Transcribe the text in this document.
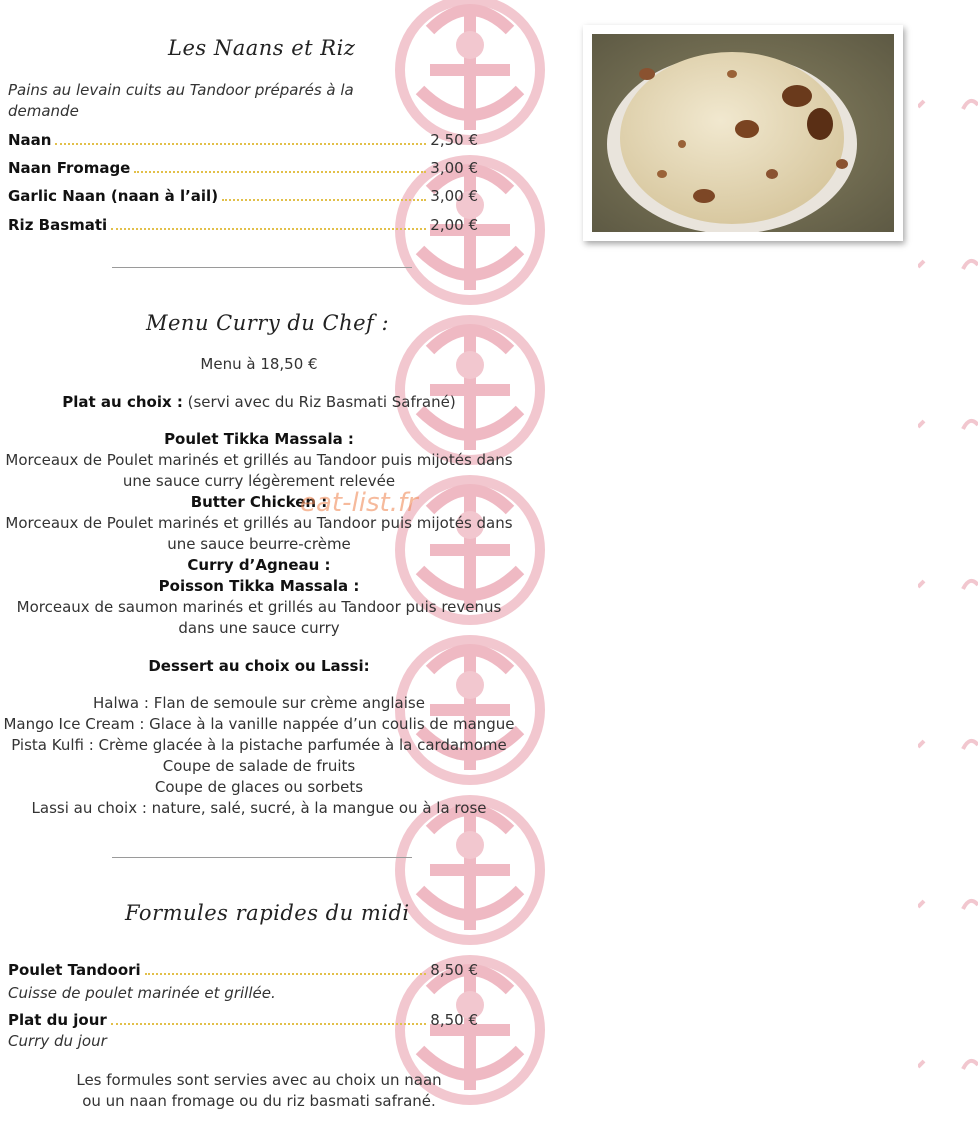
Les Naans et Riz
Pains au levain cuits au Tandoor préparés à la demande
Naan	2,50 €
Naan Fromage	3,00 €
Garlic Naan (naan à l’ail)	3,00 €
Riz Basmati	2,00 €
Menu Curry du Chef :
Menu à 18,50 €
Plat au choix : (servi avec du Riz Basmati Safrané)
Poulet Tikka Massala :
Morceaux de Poulet marinés et grillés au Tandoor puis mijotés dans
une sauce curry légèrement relevée
Butter Chicken :
Morceaux de Poulet marinés et grillés au Tandoor puis mijotés dans
une sauce beurre-crème
Curry d’Agneau :
Poisson Tikka Massala :
Morceaux de saumon marinés et grillés au Tandoor puis revenus
dans une sauce curry
Dessert au choix ou Lassi:
Halwa : Flan de semoule sur crème anglaise
Mango Ice Cream : Glace à la vanille nappée d’un coulis de mangue
Pista Kulfi : Crème glacée à la pistache parfumée à la cardamome
Coupe de salade de fruits
Coupe de glaces ou sorbets
Lassi au choix : nature, salé, sucré, à la mangue ou à la rose
Formules rapides du midi
Poulet Tandoori	8,50 €
Cuisse de poulet marinée et grillée.
Plat du jour	8,50 €
Curry du jour
Les formules sont servies avec au choix un naan
ou un naan fromage ou du riz basmati safrané.
eat-list.fr
